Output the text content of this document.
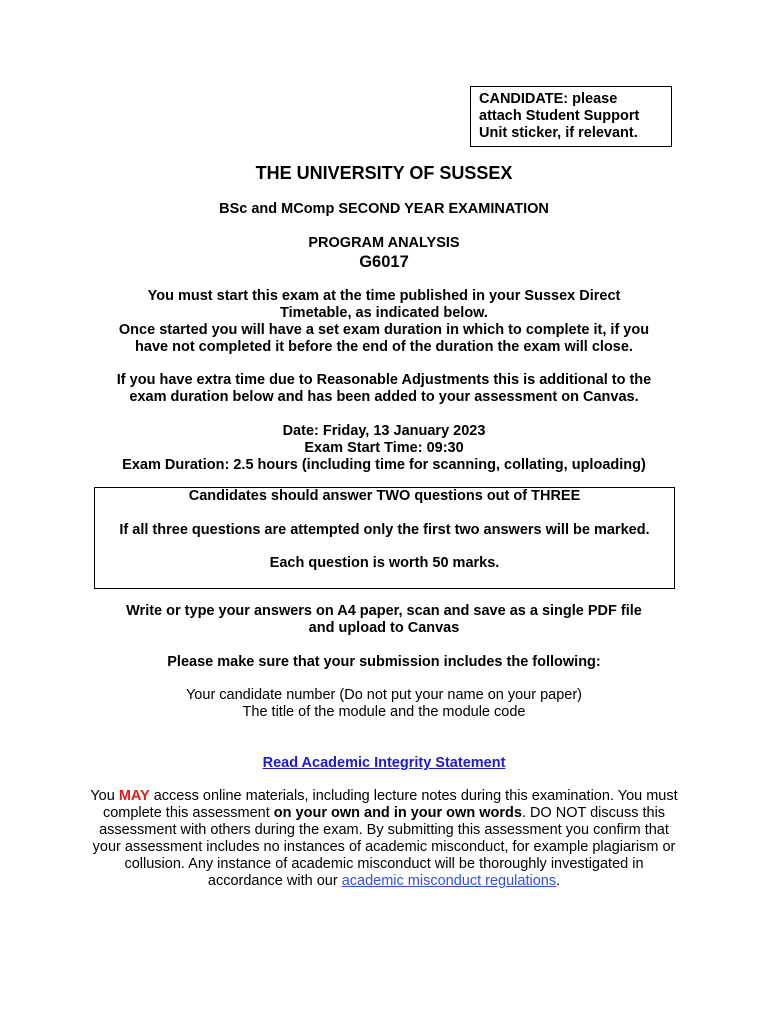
CANDIDATE: please
attach Student Support
Unit sticker, if relevant.
THE UNIVERSITY OF SUSSEX
BSc and MComp SECOND YEAR EXAMINATION
PROGRAM ANALYSIS
G6017
You must start this exam at the time published in your Sussex Direct
Timetable, as indicated below.
Once started you will have a set exam duration in which to complete it, if you
have not completed it before the end of the duration the exam will close.
If you have extra time due to Reasonable Adjustments this is additional to the
exam duration below and has been added to your assessment on Canvas.
Date: Friday, 13 January 2023
Exam Start Time: 09:30
Exam Duration: 2.5 hours (including time for scanning, collating, uploading)
Candidates should answer TWO questions out of THREE
If all three questions are attempted only the first two answers will be marked.
Each question is worth 50 marks.
Write or type your answers on A4 paper, scan and save as a single PDF file
and upload to Canvas
Please make sure that your submission includes the following:
Your candidate number (Do not put your name on your paper)
The title of the module and the module code
Read Academic Integrity Statement
You MAY access online materials, including lecture notes during this examination. You must complete this assessment on your own and in your own words. DO NOT discuss this assessment with others during the exam. By submitting this assessment you confirm that your assessment includes no instances of academic misconduct, for example plagiarism or collusion. Any instance of academic misconduct will be thoroughly investigated in accordance with our academic misconduct regulations.
